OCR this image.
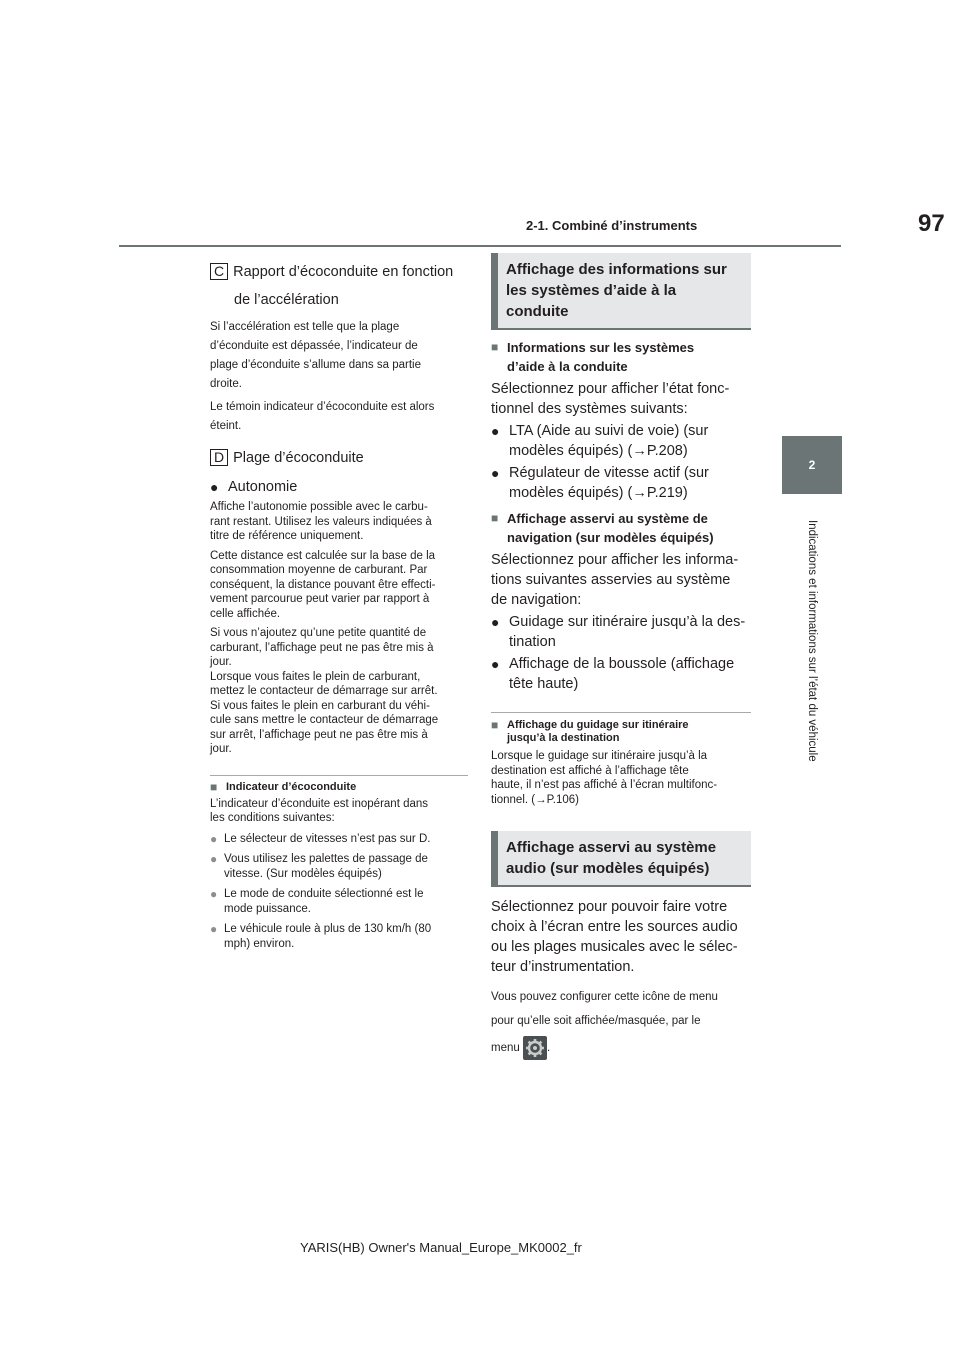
2-1. Combiné d’instruments	97
2
Indications et informations sur l’état du véhicule
C Rapport d’écoconduite en fonction
de l’accélération

Si l’accélération est telle que la plage

d’éconduite est dépassée, l’indicateur de

plage d’éconduite s’allume dans sa partie

droite.

Le témoin indicateur d’écoconduite est alors

éteint.

D Plage d’écoconduite
● Autonomie

Affiche l’autonomie possible avec le carbu-

rant restant. Utilisez les valeurs indiquées à

titre de référence uniquement.

Cette distance est calculée sur la base de la

consommation moyenne de carburant. Par

conséquent, la distance pouvant être effecti-

vement parcourue peut varier par rapport à

celle affichée.

Si vous n’ajoutez qu’une petite quantité de

carburant, l’affichage peut ne pas être mis à

jour.

Lorsque vous faites le plein de carburant,

mettez le contacteur de démarrage sur arrêt.

Si vous faites le plein en carburant du véhi-

cule sans mettre le contacteur de démarrage

sur arrêt, l’affichage peut ne pas être mis à

jour.

■ Indicateur d’écoconduite

L’indicateur d’éconduite est inopérant dans

les conditions suivantes:

● Le sélecteur de vitesses n’est pas sur D.

● Vous utilisez les palettes de passage de

vitesse. (Sur modèles équipés)

● Le mode de conduite sélectionné est le

mode puissance.

● Le véhicule roule à plus de 130 km/h (80

mph) environ.

Affichage des informations sur
les systèmes d’aide à la
conduite
■ Informations sur les systèmes
d’aide à la conduite

Sélectionnez pour afficher l’état fonc-

tionnel des systèmes suivants:

● LTA (Aide au suivi de voie) (sur

modèles équipés) (→P.208)

● Régulateur de vitesse actif (sur

modèles équipés) (→P.219)

■ Affichage asservi au système de
navigation (sur modèles équipés)

Sélectionnez pour afficher les informa-

tions suivantes asservies au système

de navigation:

● Guidage sur itinéraire jusqu’à la des-

tination

● Affichage de la boussole (affichage

tête haute)

■ Affichage du guidage sur itinéraire
jusqu’à la destination

Lorsque le guidage sur itinéraire jusqu’à la

destination est affiché à l’affichage tête

haute, il n’est pas affiché à l’écran multifonc-

tionnel. (→P.106)

Affichage asservi au système
audio (sur modèles équipés)

Sélectionnez pour pouvoir faire votre

choix à l’écran entre les sources audio

ou les plages musicales avec le sélec-

teur d’instrumentation.

Vous pouvez configurer cette icône de menu

pour qu’elle soit affichée/masquée, par le

menu .

YARIS(HB) Owner's Manual_Europe_MK0002_fr
